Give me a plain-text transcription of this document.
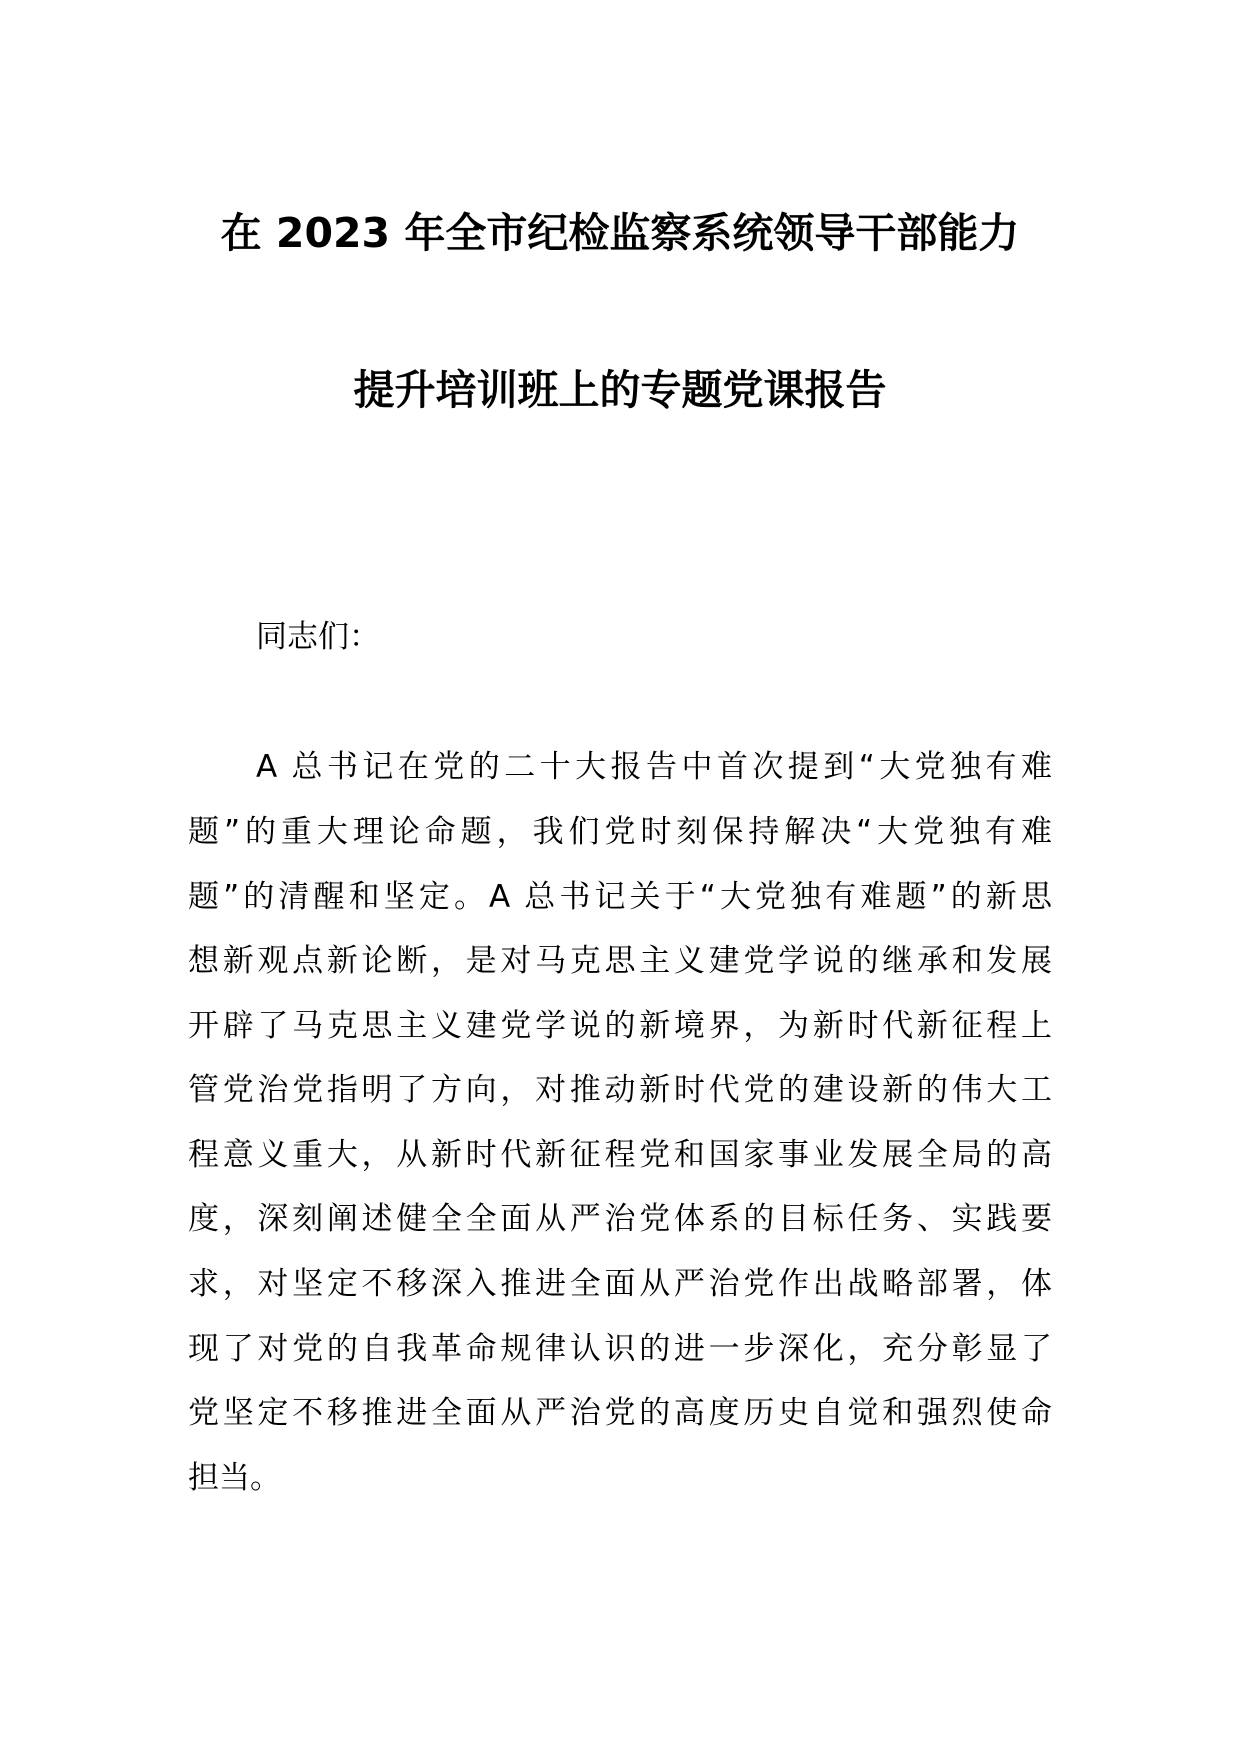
在 2023 年全市纪检监察系统领导干部能力
提升培训班上的专题党课报告
同志们：
A 总书记在党的二十大报告中首次提到“大党独有难
题”的重大理论命题，我们党时刻保持解决“大党独有难
题”的清醒和坚定。A 总书记关于“大党独有难题”的新思
想新观点新论断，是对马克思主义建党学说的继承和发展
开辟了马克思主义建党学说的新境界，为新时代新征程上
管党治党指明了方向，对推动新时代党的建设新的伟大工
程意义重大，从新时代新征程党和国家事业发展全局的高
度，深刻阐述健全全面从严治党体系的目标任务、实践要
求，对坚定不移深入推进全面从严治党作出战略部署，体
现了对党的自我革命规律认识的进一步深化，充分彰显了
党坚定不移推进全面从严治党的高度历史自觉和强烈使命
担当。
